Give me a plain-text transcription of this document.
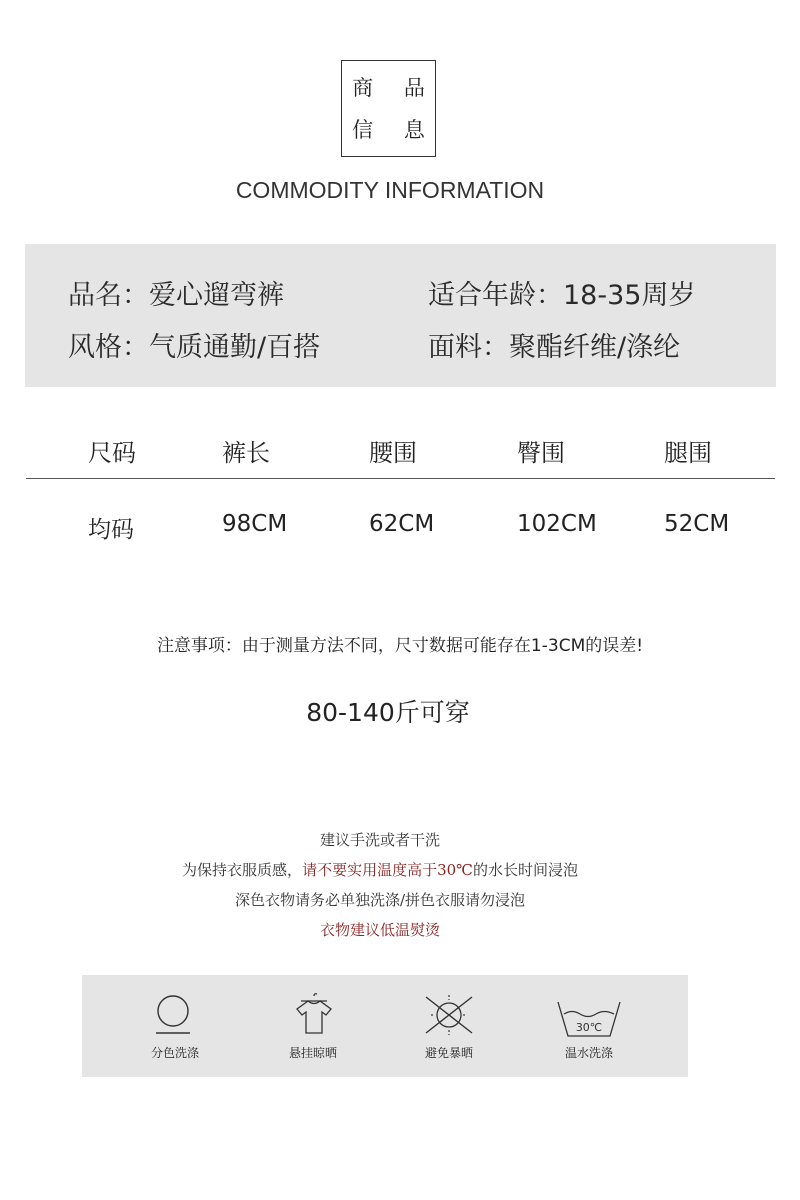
商 品
信 息
COMMODITY INFORMATION
品名：爱心遛弯裤	适合年龄：18-35周岁
风格：气质通勤/百搭	面料：聚酯纤维/涤纶
尺码	裤长	腰围	臀围	腿围
均码	98CM	62CM	102CM	52CM
注意事项：由于测量方法不同，尺寸数据可能存在1-3CM的误差!
80-140斤可穿
建议手洗或者干洗
为保持衣服质感，请不要实用温度高于30℃的水长时间浸泡
深色衣物请务必单独洗涤/拼色衣服请勿浸泡
衣物建议低温熨烫
分色洗涤	悬挂晾晒	避免暴晒
30℃
温水洗涤
